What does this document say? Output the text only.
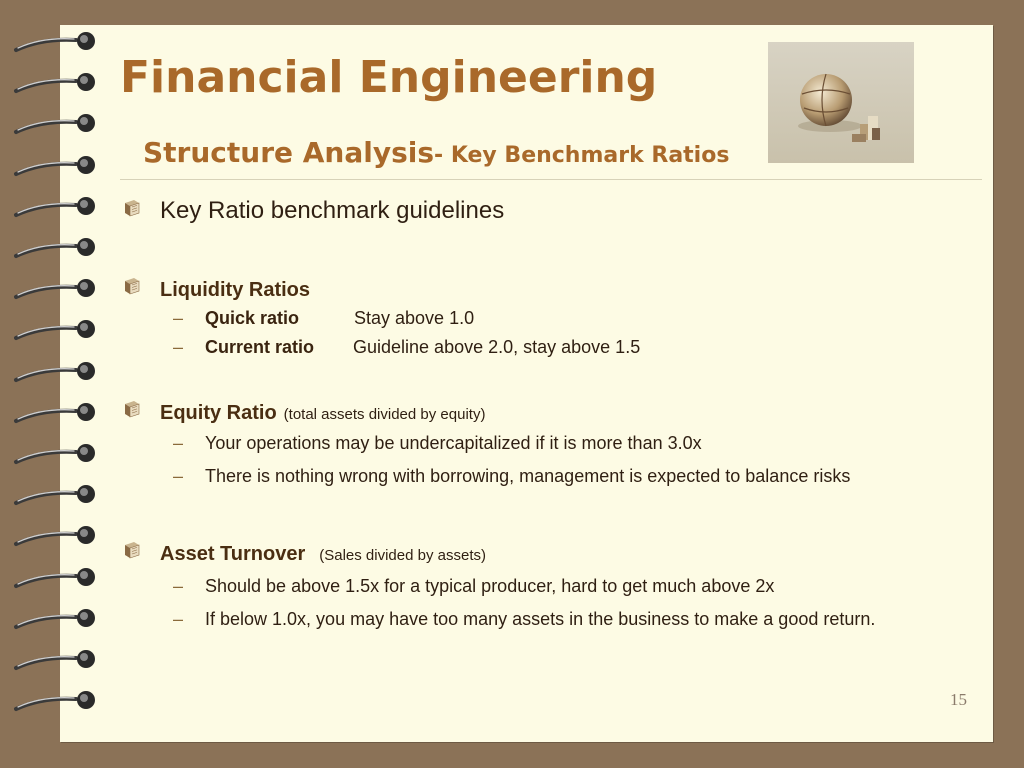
Financial Engineering
Structure Analysis- Key Benchmark Ratios
Key Ratio benchmark guidelines
Liquidity Ratios
–	Quick ratio	Stay above 1.0
–	Current ratio	Guideline above 2.0, stay above 1.5
Equity Ratio (total assets divided by equity)
–	Your operations may be undercapitalized if it is more than 3.0x
–	There is nothing wrong with borrowing, management is expected to balance risks
Asset Turnover (Sales divided by assets)
–	Should be above 1.5x for a typical producer, hard to get much above 2x
–	If below 1.0x, you may have too many assets in the business to make a good return.
15
